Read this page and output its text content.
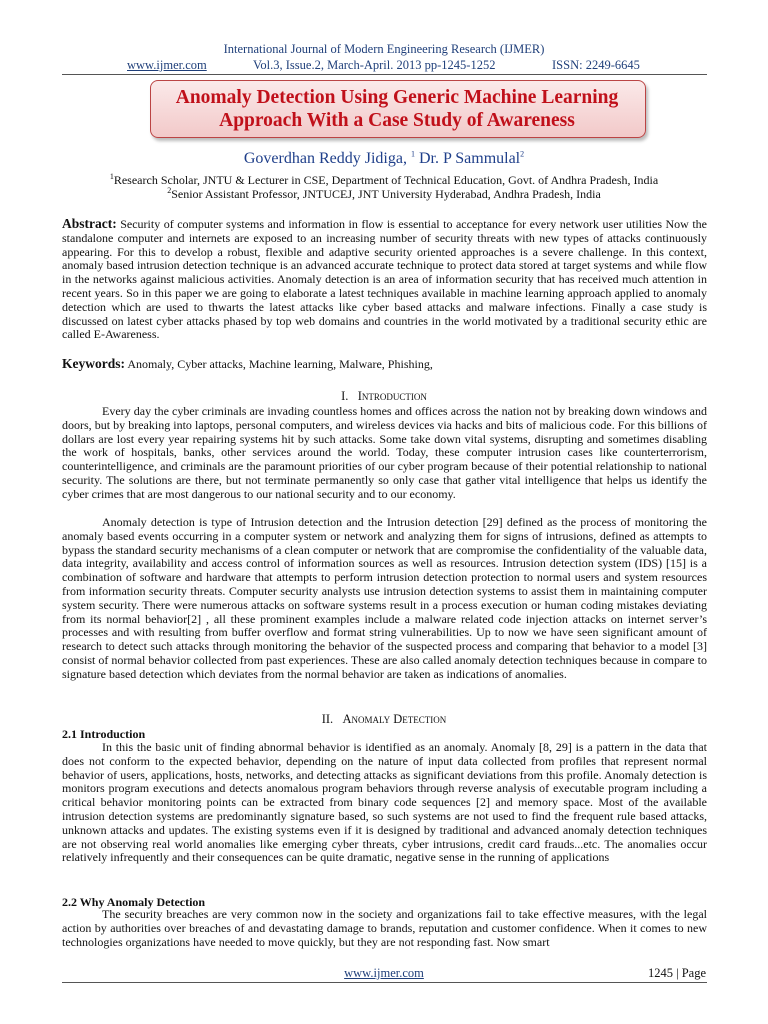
International Journal of Modern Engineering Research (IJMER)
www.ijmer.com	Vol.3, Issue.2, March-April. 2013 pp-1245-1252	ISSN: 2249-6645
Anomaly Detection Using Generic Machine Learning
Approach With a Case Study of Awareness
Goverdhan Reddy Jidiga, $^1$ Dr. P Sammulal$^2$
$^1$Research Scholar, JNTU & Lecturer in CSE, Department of Technical Education, Govt. of Andhra Pradesh, India
$^2$Senior Assistant Professor, JNTUCEJ, JNT University Hyderabad, Andhra Pradesh, India
Abstract: Security of computer systems and information in flow is essential to acceptance for every network user utilities Now the standalone computer and internets are exposed to an increasing number of security threats with new types of attacks continuously appearing. For this to develop a robust, flexible and adaptive security oriented approaches is a severe challenge. In this context, anomaly based intrusion detection technique is an advanced accurate technique to protect data stored at target systems and while flow in the networks against malicious activities. Anomaly detection is an area of information security that has received much attention in recent years. So in this paper we are going to elaborate a latest techniques available in machine learning approach applied to anomaly detection which are used to thwarts the latest attacks like cyber based attacks and malware infections. Finally a case study is discussed on latest cyber attacks phased by top web domains and countries in the world motivated by a traditional security ethic are called E-Awareness.
Keywords: Anomaly, Cyber attacks, Machine learning, Malware, Phishing,
I. Introduction
Every day the cyber criminals are invading countless homes and offices across the nation not by breaking down windows and doors, but by breaking into laptops, personal computers, and wireless devices via hacks and bits of malicious code. For this billions of dollars are lost every year repairing systems hit by such attacks. Some take down vital systems, disrupting and sometimes disabling the work of hospitals, banks, other services around the world. Today, these computer intrusion cases like counterterrorism, counterintelligence, and criminals are the paramount priorities of our cyber program because of their potential relationship to national security. The solutions are there, but not terminate permanently so only case that gather vital intelligence that helps us identify the cyber crimes that are most dangerous to our national security and to our economy.
Anomaly detection is type of Intrusion detection and the Intrusion detection [29] defined as the process of monitoring the anomaly based events occurring in a computer system or network and analyzing them for signs of intrusions, defined as attempts to bypass the standard security mechanisms of a clean computer or network that are compromise the confidentiality of the valuable data, data integrity, availability and access control of information sources as well as resources. Intrusion detection system (IDS) [15] is a combination of software and hardware that attempts to perform intrusion detection protection to normal users and system resources from information security threats. Computer security analysts use intrusion detection systems to assist them in maintaining computer system security. There were numerous attacks on software systems result in a process execution or human coding mistakes deviating from its normal behavior[2] , all these prominent examples include a malware related code injection attacks on internet server’s processes and with resulting from buffer overflow and format string vulnerabilities. Up to now we have seen significant amount of research to detect such attacks through monitoring the behavior of the suspected process and comparing that behavior to a model [3] consist of normal behavior collected from past experiences. These are also called anomaly detection techniques because in compare to signature based detection which deviates from the normal behavior are taken as indications of anomalies.
II. Anomaly Detection
2.1 Introduction
In this the basic unit of finding abnormal behavior is identified as an anomaly. Anomaly [8, 29] is a pattern in the data that does not conform to the expected behavior, depending on the nature of input data collected from profiles that represent normal behavior of users, applications, hosts, networks, and detecting attacks as significant deviations from this profile. Anomaly detection is monitors program executions and detects anomalous program behaviors through reverse analysis of executable program including a critical behavior monitoring points can be extracted from binary code sequences [2] and memory space. Most of the available intrusion detection systems are predominantly signature based, so such systems are not used to find the frequent rule based attacks, unknown attacks and updates. The existing systems even if it is designed by traditional and advanced anomaly detection techniques are not observing real world anomalies like emerging cyber threats, cyber intrusions, credit card frauds...etc. The anomalies occur relatively infrequently and their consequences can be quite dramatic, negative sense in the running of applications
2.2 Why Anomaly Detection
The security breaches are very common now in the society and organizations fail to take effective measures, with the legal action by authorities over breaches of and devastating damage to brands, reputation and customer confidence. When it comes to new technologies organizations have needed to move quickly, but they are not responding fast. Now smart
www.ijmer.com	1245 | Page
